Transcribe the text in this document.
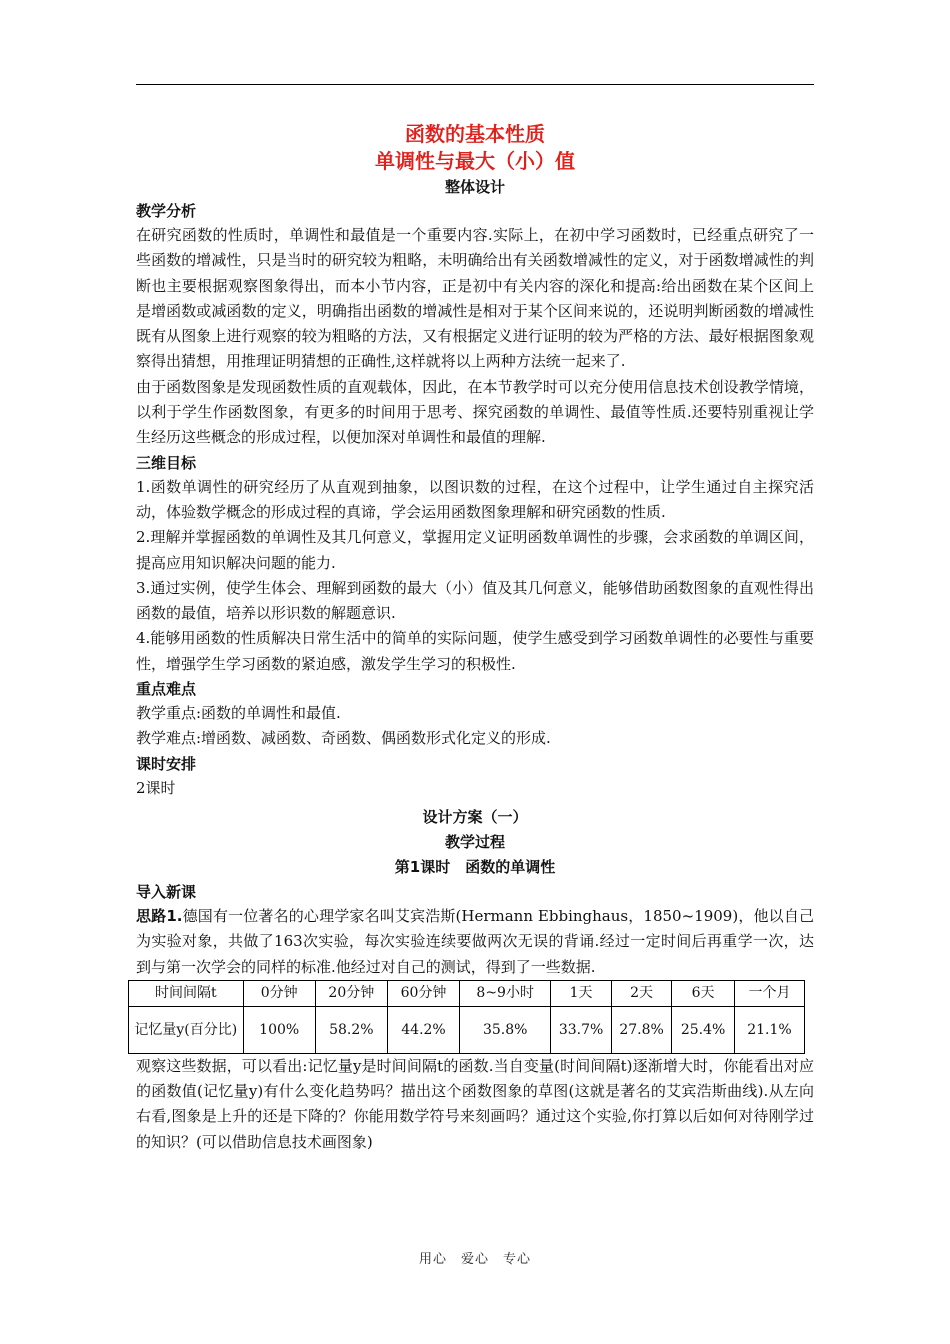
函数的基本性质
单调性与最大（小）值
整体设计
教学分析

在研究函数的性质时，单调性和最值是一个重要内容.实际上，在初中学习函数时，已经重点研究了一些函数的增减性，只是当时的研究较为粗略，未明确给出有关函数增减性的定义，对于函数增减性的判断也主要根据观察图象得出，而本小节内容，正是初中有关内容的深化和提高:给出函数在某个区间上是增函数或减函数的定义，明确指出函数的增减性是相对于某个区间来说的，还说明判断函数的增减性既有从图象上进行观察的较为粗略的方法，又有根据定义进行证明的较为严格的方法、最好根据图象观察得出猜想，用推理证明猜想的正确性,这样就将以上两种方法统一起来了.

由于函数图象是发现函数性质的直观载体，因此，在本节教学时可以充分使用信息技术创设教学情境，以利于学生作函数图象，有更多的时间用于思考、探究函数的单调性、最值等性质.还要特别重视让学生经历这些概念的形成过程，以便加深对单调性和最值的理解.

三维目标

1.函数单调性的研究经历了从直观到抽象，以图识数的过程，在这个过程中，让学生通过自主探究活动，体验数学概念的形成过程的真谛，学会运用函数图象理解和研究函数的性质.

2.理解并掌握函数的单调性及其几何意义，掌握用定义证明函数单调性的步骤，会求函数的单调区间，提高应用知识解决问题的能力.

3.通过实例，使学生体会、理解到函数的最大（小）值及其几何意义，能够借助函数图象的直观性得出函数的最值，培养以形识数的解题意识.

4.能够用函数的性质解决日常生活中的简单的实际问题，使学生感受到学习函数单调性的必要性与重要性，增强学生学习函数的紧迫感，激发学生学习的积极性.

重点难点

教学重点:函数的单调性和最值.

教学难点:增函数、减函数、奇函数、偶函数形式化定义的形成.

课时安排

2课时

设计方案（一）
教学过程
第1课时　函数的单调性
导入新课

思路1.德国有一位著名的心理学家名叫艾宾浩斯(Hermann Ebbinghaus，1850~1909)，他以自己为实验对象，共做了163次实验，每次实验连续要做两次无误的背诵.经过一定时间后再重学一次，达到与第一次学会的同样的标准.他经过对自己的测试，得到了一些数据.

时间间隔t	0分钟	20分钟	60分钟	8~9小时	1天	2天	6天	一个月
记忆量y(百分比)	100%	58.2%	44.2%	35.8%	33.7%	27.8%	25.4%	21.1%

观察这些数据，可以看出:记忆量y是时间间隔t的函数.当自变量(时间间隔t)逐渐增大时，你能看出对应的函数值(记忆量y)有什么变化趋势吗？描出这个函数图象的草图(这就是著名的艾宾浩斯曲线).从左向右看,图象是上升的还是下降的？你能用数学符号来刻画吗？通过这个实验,你打算以后如何对待刚学过的知识？(可以借助信息技术画图象)

用心　爱心　专心
